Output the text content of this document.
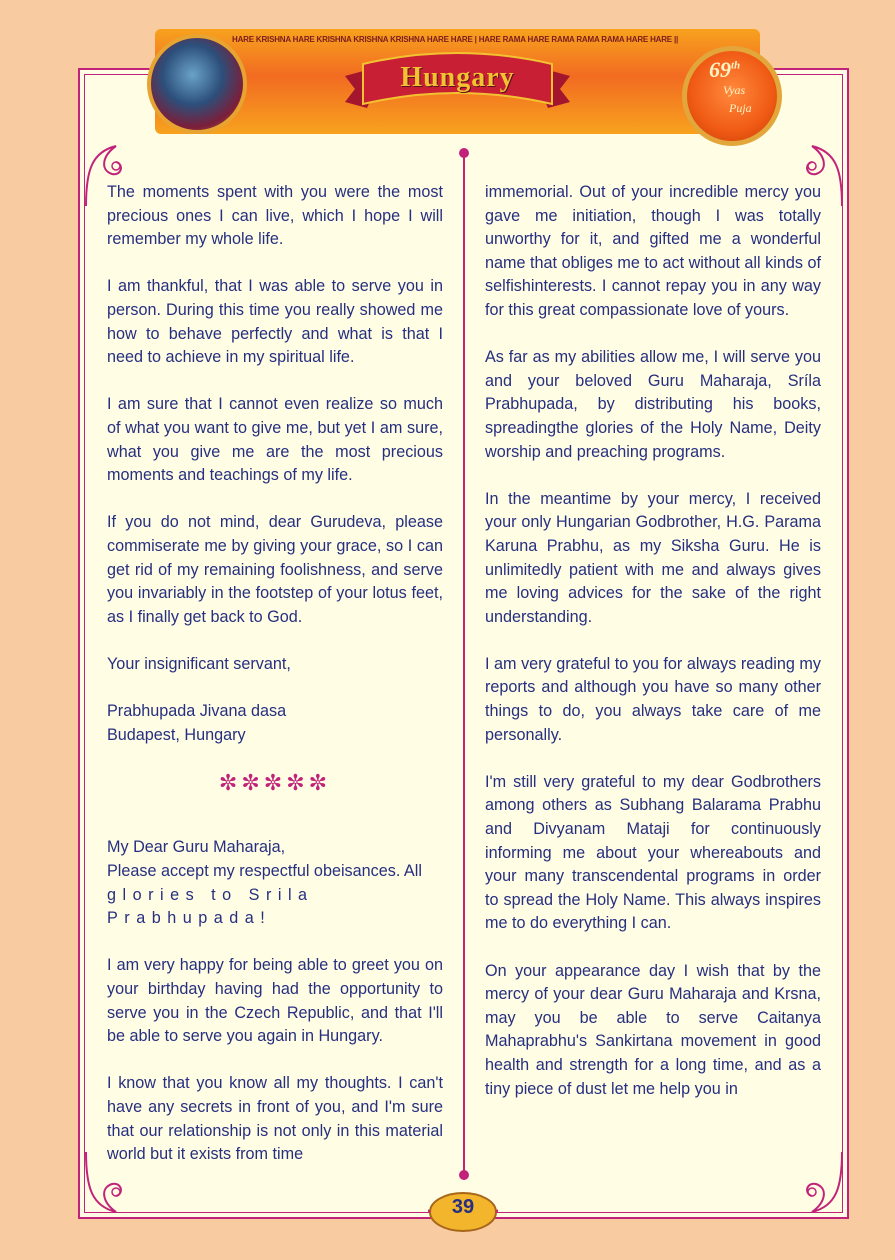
HARE KRISHNA HARE KRISHNA KRISHNA KRISHNA HARE HARE | HARE RAMA HARE RAMA RAMA RAMA HARE HARE ||
Hungary	69th
Vyas
Puja

The moments spent with you were the most precious ones I can live, which I hope I will remember my whole life.

I am thankful, that I was able to serve you in person. During this time you really showed me how to behave perfectly and what is that I need to achieve in my spiritual life.

I am sure that I cannot even realize so much of what you want to give me, but yet I am sure, what you give me are the most precious moments and teachings of my life.

If you do not mind, dear Gurudeva, please commiserate me by giving your grace, so I can get rid of my remaining foolishness, and serve you invariably in the footstep of your lotus feet, as I finally get back to God.

Your insignificant servant,

Prabhupada Jivana dasa

Budapest, Hungary

✼✼✼✼✼

My Dear Guru Maharaja,

Please accept my respectful obeisances. All

glories to Srila Prabhupada!

I am very happy for being able to greet you on your birthday having had the opportunity to serve you in the Czech Republic, and that I'll be able to serve you again in Hungary.

I know that you know all my thoughts. I can't have any secrets in front of you, and I'm sure that our relationship is not only in this material world but it exists from time

immemorial. Out of your incredible mercy you gave me initiation, though I was totally unworthy for it, and gifted me a wonderful name that obliges me to act without all kinds of selfishinterests. I cannot repay you in any way for this great compassionate love of yours.

As far as my abilities allow me, I will serve you and your beloved Guru Maharaja, Sríla Prabhupada, by distributing his books, spreadingthe glories of the Holy Name, Deity worship and preaching programs.

In the meantime by your mercy, I received your only Hungarian Godbrother, H.G. Parama Karuna Prabhu, as my Siksha Guru. He is unlimitedly patient with me and always gives me loving advices for the sake of the right understanding.

I am very grateful to you for always reading my reports and although you have so many other things to do, you always take care of me personally.

I'm still very grateful to my dear Godbrothers among others as Subhang Balarama Prabhu and Divyanam Mataji for continuously informing me about your whereabouts and your many transcendental programs in order to spread the Holy Name. This always inspires me to do everything I can.

On your appearance day I wish that by the mercy of your dear Guru Maharaja and Krsna, may you be able to serve Caitanya Mahaprabhu's Sankirtana movement in good health and strength for a long time, and as a tiny piece of dust let me help you in

39
